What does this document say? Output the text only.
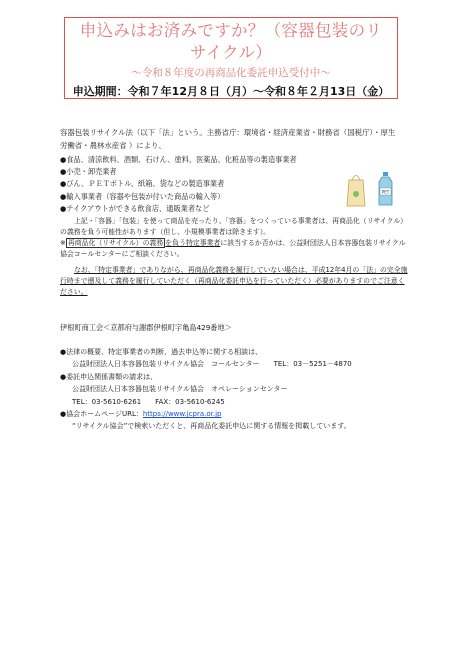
申込みはお済みですか？（容器包装のリサイクル）
～令和８年度の再商品化委託申込受付中～
申込期間：令和７年12月８日（月）～令和８年２月13日（金）
容器包装リサイクル法（以下「法」という。主務省庁：環境省・経済産業省・財務省（国税庁）・厚生労働省・農林水産省 ）により、
●食品、清涼飲料、酒類、石けん、塗料、医薬品、化粧品等の製造事業者
●小売・卸売業者
●びん、ＰＥＴボトル、紙箱、袋などの製造事業者
●輸入事業者（容器や包装が付いた商品の輸入等）
●テイクアウトができる飲食店、通販業者など
PET
上記・「容器」「包装」を使って商品を売ったり、「容器」をつくっている事業者は、再商品化（リサイクル）の義務を負う可能性があります（但し、小規模事業者は除きます）。
※ 再商品化（リサイクル）の義務 を負う特定事業者に該当するか否かは、公益財団法人日本容器包装リサイクル協会コールセンターにご相談ください。
なお、「特定事業者」でありながら、再商品化義務を履行していない場合は、平成12年4月の「法」の完全施行時まで遡及して義務を履行していただく（再商品化委託申込を行っていただく）必要がありますのでご注意ください。
伊根町商工会＜京都府与謝郡伊根町字亀島429番地＞
●法律の概要、特定事業者の判断、過去申込等に関する相談は、
公益財団法人日本容器包装リサイクル協会　コールセンター　　TEL：03－5251－4870
●委託申込関係書類の請求は、
公益財団法人日本容器包装リサイクル協会　オペレーションセンター
TEL：03-5610-6261　　FAX：03-5610-6245
●協会ホームページURL：https://www.jcpra.or.jp
“リサイクル協会”で検索いただくと、再商品化委託申込に関する情報を掲載しています。
